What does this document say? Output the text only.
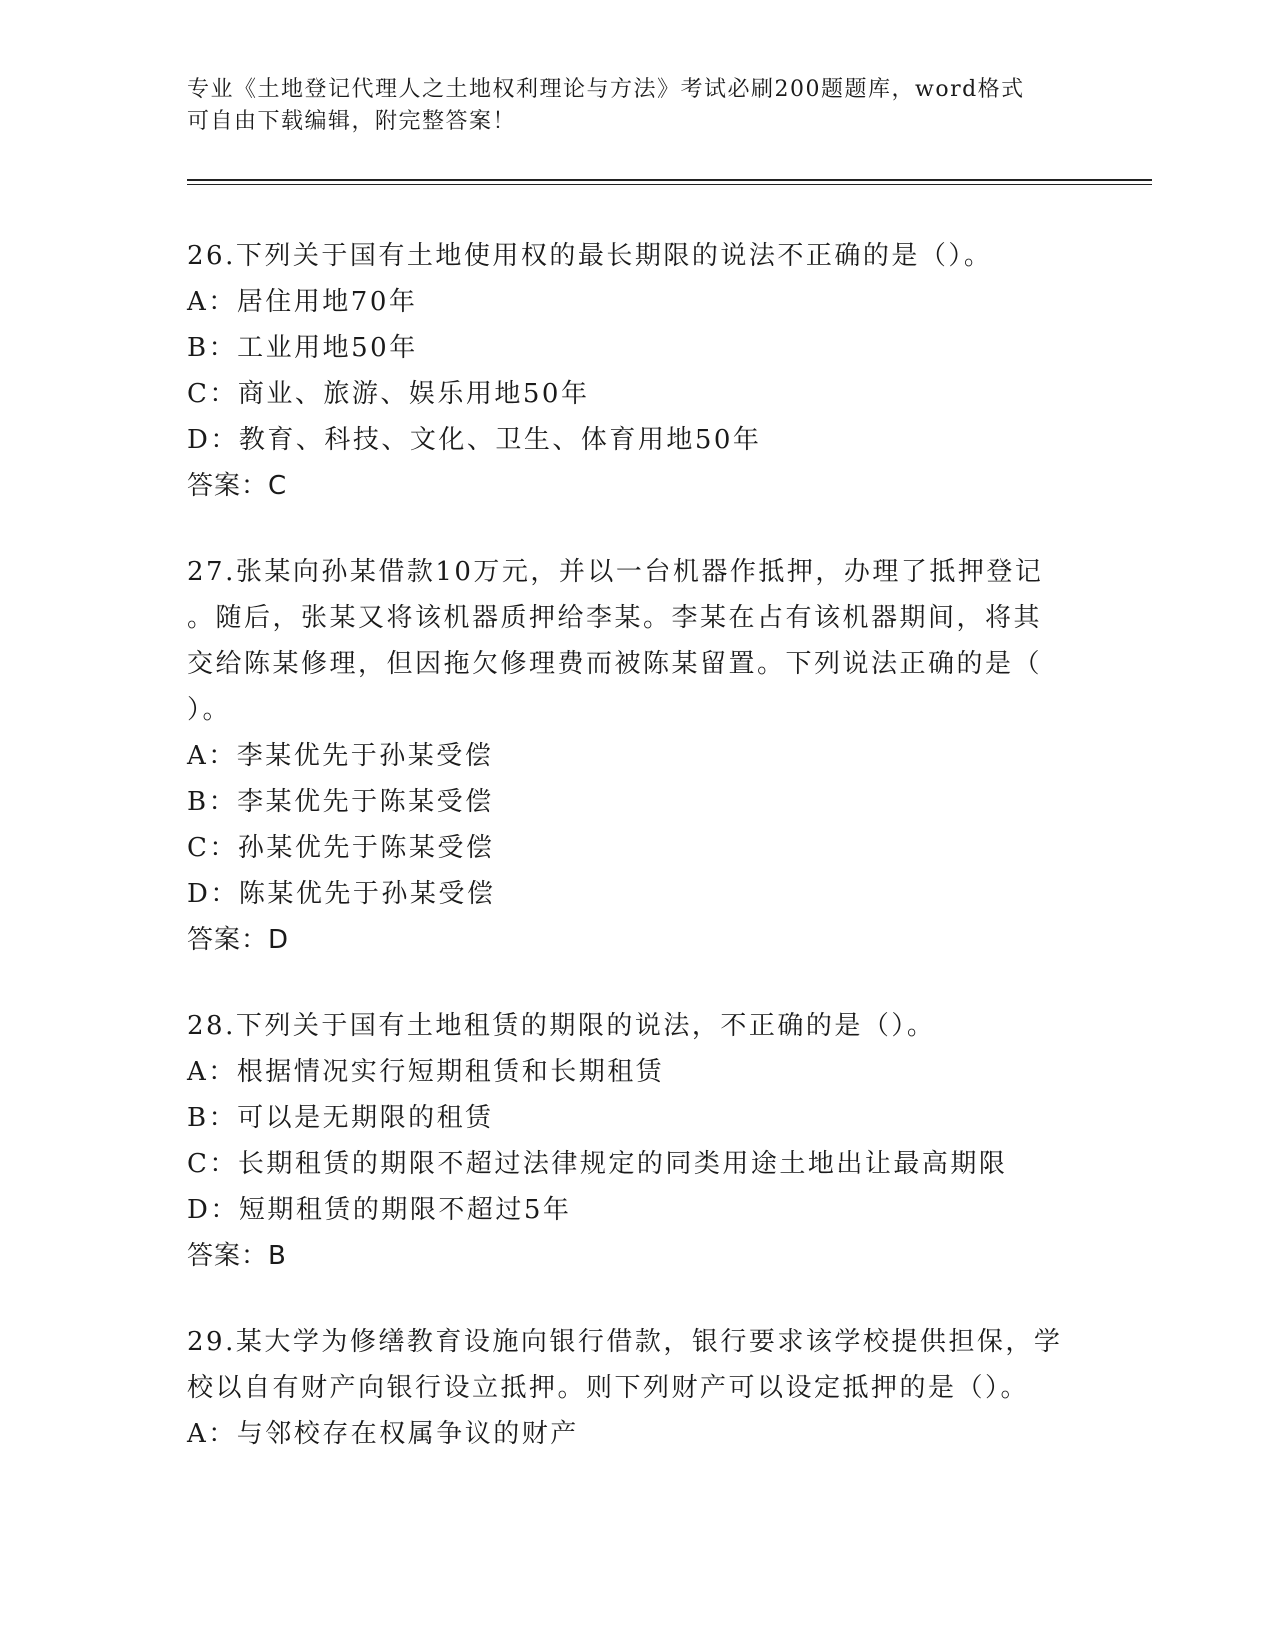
专业《土地登记代理人之土地权利理论与方法》考试必刷200题题库，word格式
可自由下载编辑，附完整答案！
26.下列关于国有土地使用权的最长期限的说法不正确的是（）。
A：居住用地70年
B：工业用地50年
C：商业、旅游、娱乐用地50年
D：教育、科技、文化、卫生、体育用地50年
答案：C
27.张某向孙某借款10万元，并以一台机器作抵押，办理了抵押登记
。随后，张某又将该机器质押给李某。李某在占有该机器期间，将其
交给陈某修理，但因拖欠修理费而被陈某留置。下列说法正确的是（
）。
A：李某优先于孙某受偿
B：李某优先于陈某受偿
C：孙某优先于陈某受偿
D：陈某优先于孙某受偿
答案：D
28.下列关于国有土地租赁的期限的说法，不正确的是（）。
A：根据情况实行短期租赁和长期租赁
B：可以是无期限的租赁
C：长期租赁的期限不超过法律规定的同类用途土地出让最高期限
D：短期租赁的期限不超过5年
答案：B
29.某大学为修缮教育设施向银行借款，银行要求该学校提供担保，学
校以自有财产向银行设立抵押。则下列财产可以设定抵押的是（）。
A：与邻校存在权属争议的财产
